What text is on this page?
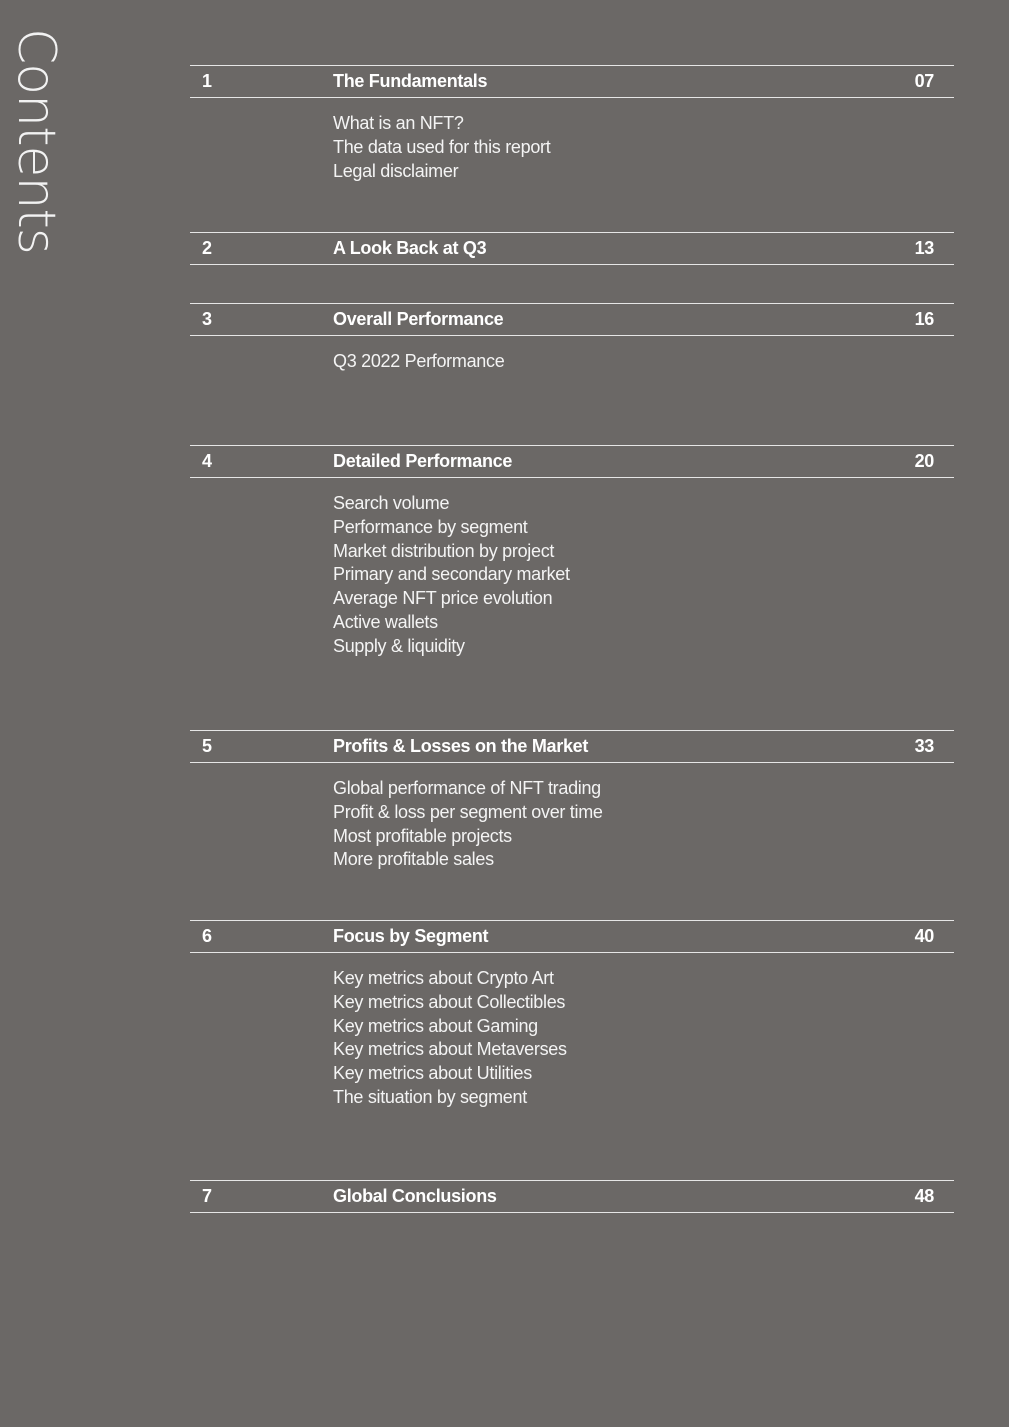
Contents	1	The Fundamentals	07
What is an NFT?
The data used for this report
Legal disclaimer
2	A Look Back at Q3	13
3	Overall Performance	16
Q3 2022 Performance
4	Detailed Performance	20
Search volume
Performance by segment
Market distribution by project
Primary and secondary market
Average NFT price evolution
Active wallets
Supply & liquidity
5	Profits & Losses on the Market	33
Global performance of NFT trading
Profit & loss per segment over time
Most profitable projects
More profitable sales
6	Focus by Segment	40
Key metrics about Crypto Art
Key metrics about Collectibles
Key metrics about Gaming
Key metrics about Metaverses
Key metrics about Utilities
The situation by segment
7	Global Conclusions	48
